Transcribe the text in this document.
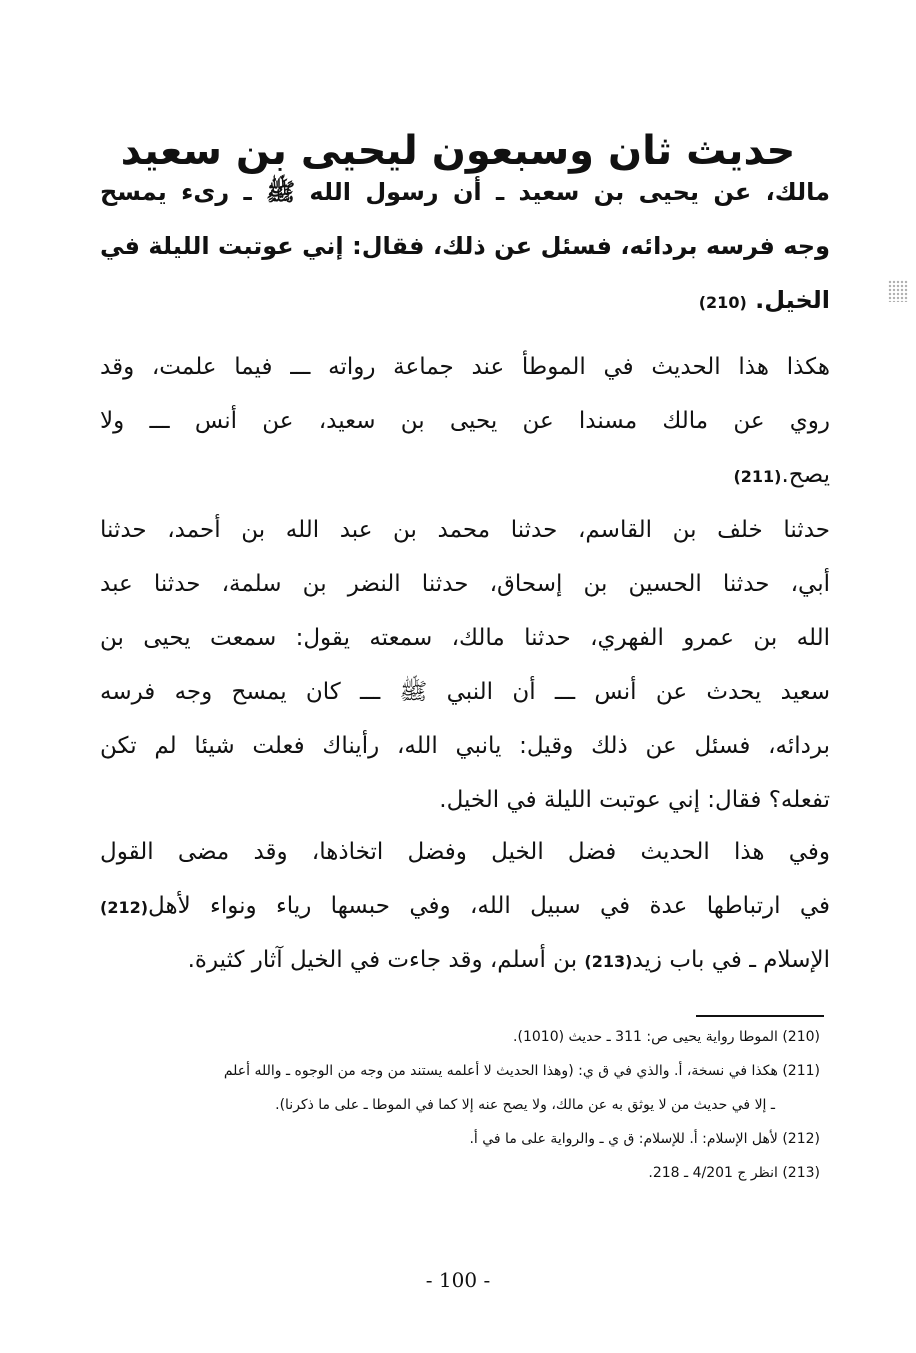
حديث ثان وسبعون ليحيى بن سعيد
مالك، عن يحيى بن سعيد ـ أن رسول الله ﷺ ـ رىء يمسح
وجه فرسه بردائه، فسئل عن ذلك، فقال: إني عوتبت الليلة في
الخيل. (210)
هكذا هذا الحديث في الموطأ عند جماعة رواته ـــ فيما علمت، وقد
روي عن مالك مسندا عن يحيى بن سعيد، عن أنس ـــ ولا
يصح.(211)
حدثنا خلف بن القاسم، حدثنا محمد بن عبد الله بن أحمد، حدثنا
أبي، حدثنا الحسين بن إسحاق، حدثنا النضر بن سلمة، حدثنا عبد
الله بن عمرو الفهري، حدثنا مالك، سمعته يقول: سمعت يحيى بن
سعيد يحدث عن أنس ـــ أن النبي ﷺ ـــ كان يمسح وجه فرسه
بردائه، فسئل عن ذلك وقيل: يانبي الله، رأيناك فعلت شيئا لم تكن
تفعله؟ فقال: إني عوتبت الليلة في الخيل.
وفي هذا الحديث فضل الخيل وفضل اتخاذها، وقد مضى القول
في ارتباطها عدة في سبيل الله، وفي حبسها رياء ونواء لأهل(212)
الإسلام ـ في باب زيد(213) بن أسلم، وقد جاءت في الخيل آثار كثيرة.
(210) الموطا رواية يحيى ص: 311 ـ حديث (1010).
(211) هكذا في نسخة، أ. والذي في ق ي: (وهذا الحديث لا أعلمه يستند من وجه من الوجوه ـ والله أعلم
ـ إلا في حديث من لا يوثق به عن مالك، ولا يصح عنه إلا كما في الموطا ـ على ما ذكرنا).
(212) لأهل الإسلام: أ. للإسلام: ق ي ـ والرواية على ما في أ.
(213) انظر ج 4/201 ـ 218.
- 100 -
